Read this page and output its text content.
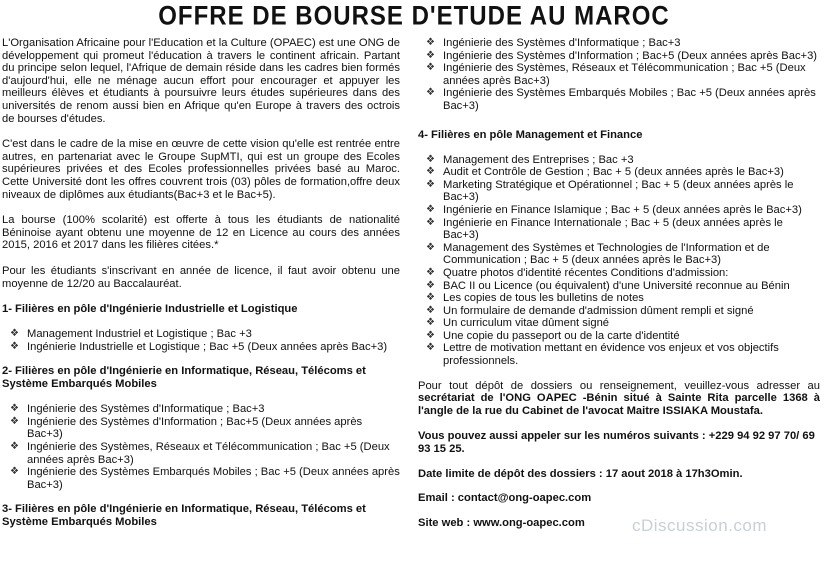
OFFRE DE BOURSE D'ETUDE AU MAROC

L'Organisation Africaine pour l'Education et la Culture (OPAEC) est une ONG de développement qui promeut l'éducation à travers le continent africain. Partant du principe selon lequel, l'Afrique de demain réside dans les cadres bien formés d'aujourd'hui, elle ne ménage aucun effort pour encourager et appuyer les meilleurs élèves et étudiants à poursuivre leurs études supérieures dans des universités de renom aussi bien en Afrique qu'en Europe à travers des octrois de bourses d'études.

C'est dans le cadre de la mise en œuvre de cette vision qu'elle est rentrée entre autres, en partenariat avec le Groupe SupMTI, qui est un groupe des Ecoles supérieures privées et des Ecoles professionnelles privées basé au Maroc. Cette Université dont les offres couvrent trois (03) pôles de formation,offre deux niveaux de diplômes aux étudiants(Bac+3 et le Bac+5).

La bourse (100% scolarité) est offerte à tous les étudiants de nationalité Béninoise ayant obtenu une moyenne de 12 en Licence au cours des années 2015, 2016 et 2017 dans les filières citées.*

Pour les étudiants s'inscrivant en année de licence, il faut avoir obtenu une moyenne de 12/20 au Baccalauréat.

1- Filières en pôle d'Ingénierie Industrielle et Logistique
❖ Management Industriel et Logistique ; Bac +3
❖ Ingénierie Industrielle et Logistique ; Bac +5 (Deux années après Bac+3)
2- Filières en pôle d'Ingénierie en Informatique, Réseau, Télécoms et Système Embarqués Mobiles
❖ Ingénierie des Systèmes d'Informatique ; Bac+3
❖ Ingénierie des Systèmes d'Information ; Bac+5 (Deux années après Bac+3)
❖ Ingénierie des Systèmes, Réseaux et Télécommunication ; Bac +5 (Deux années après Bac+3)
❖ Ingénierie des Systèmes Embarqués Mobiles ; Bac +5 (Deux années après Bac+3)
3- Filières en pôle d'Ingénierie en Informatique, Réseau, Télécoms et Système Embarqués Mobiles
❖ Ingénierie des Systèmes d'Informatique ; Bac+3
❖ Ingénierie des Systèmes d'Information ; Bac+5 (Deux années après Bac+3)
❖ Ingénierie des Systèmes, Réseaux et Télécommunication ; Bac +5 (Deux années après Bac+3)
❖ Ingénierie des Systèmes Embarqués Mobiles ; Bac +5 (Deux années après Bac+3)
4- Filières en pôle Management et Finance
❖ Management des Entreprises ; Bac +3
❖ Audit et Contrôle de Gestion ; Bac + 5 (deux années après le Bac+3)
❖ Marketing Stratégique et Opérationnel ; Bac + 5 (deux années après le Bac+3)
❖ Ingénierie en Finance Islamique ; Bac + 5 (deux années après le Bac+3)
❖ Ingénierie en Finance Internationale ; Bac + 5 (deux années après le Bac+3)
❖ Management des Systèmes et Technologies de l'Information et de Communication ; Bac + 5 (deux années après le Bac+3)
❖ Quatre photos d'identité récentes Conditions d'admission:
❖ BAC II ou Licence (ou équivalent) d'une Université reconnue au Bénin
❖ Les copies de tous les bulletins de notes
❖ Un formulaire de demande d'admission dûment rempli et signé
❖ Un curriculum vitae dûment signé
❖ Une copie du passeport ou de la carte d'identité
❖ Lettre de motivation mettant en évidence vos enjeux et vos objectifs professionnels.

Pour tout dépôt de dossiers ou renseignement, veuillez-vous adresser au secrétariat de l'ONG OAPEC -Bénin situé à Sainte Rita parcelle 1368 à l'angle de la rue du Cabinet de l'avocat Maitre ISSIAKA Moustafa.

Vous pouvez aussi appeler sur les numéros suivants : +229 94 92 97 70/ 69 93 15 25.

Date limite de dépôt des dossiers : 17 aout 2018 à 17h3Omin.

Email : contact@ong-oapec.com

Site web : www.ong-oapec.com	cDiscussion.com
